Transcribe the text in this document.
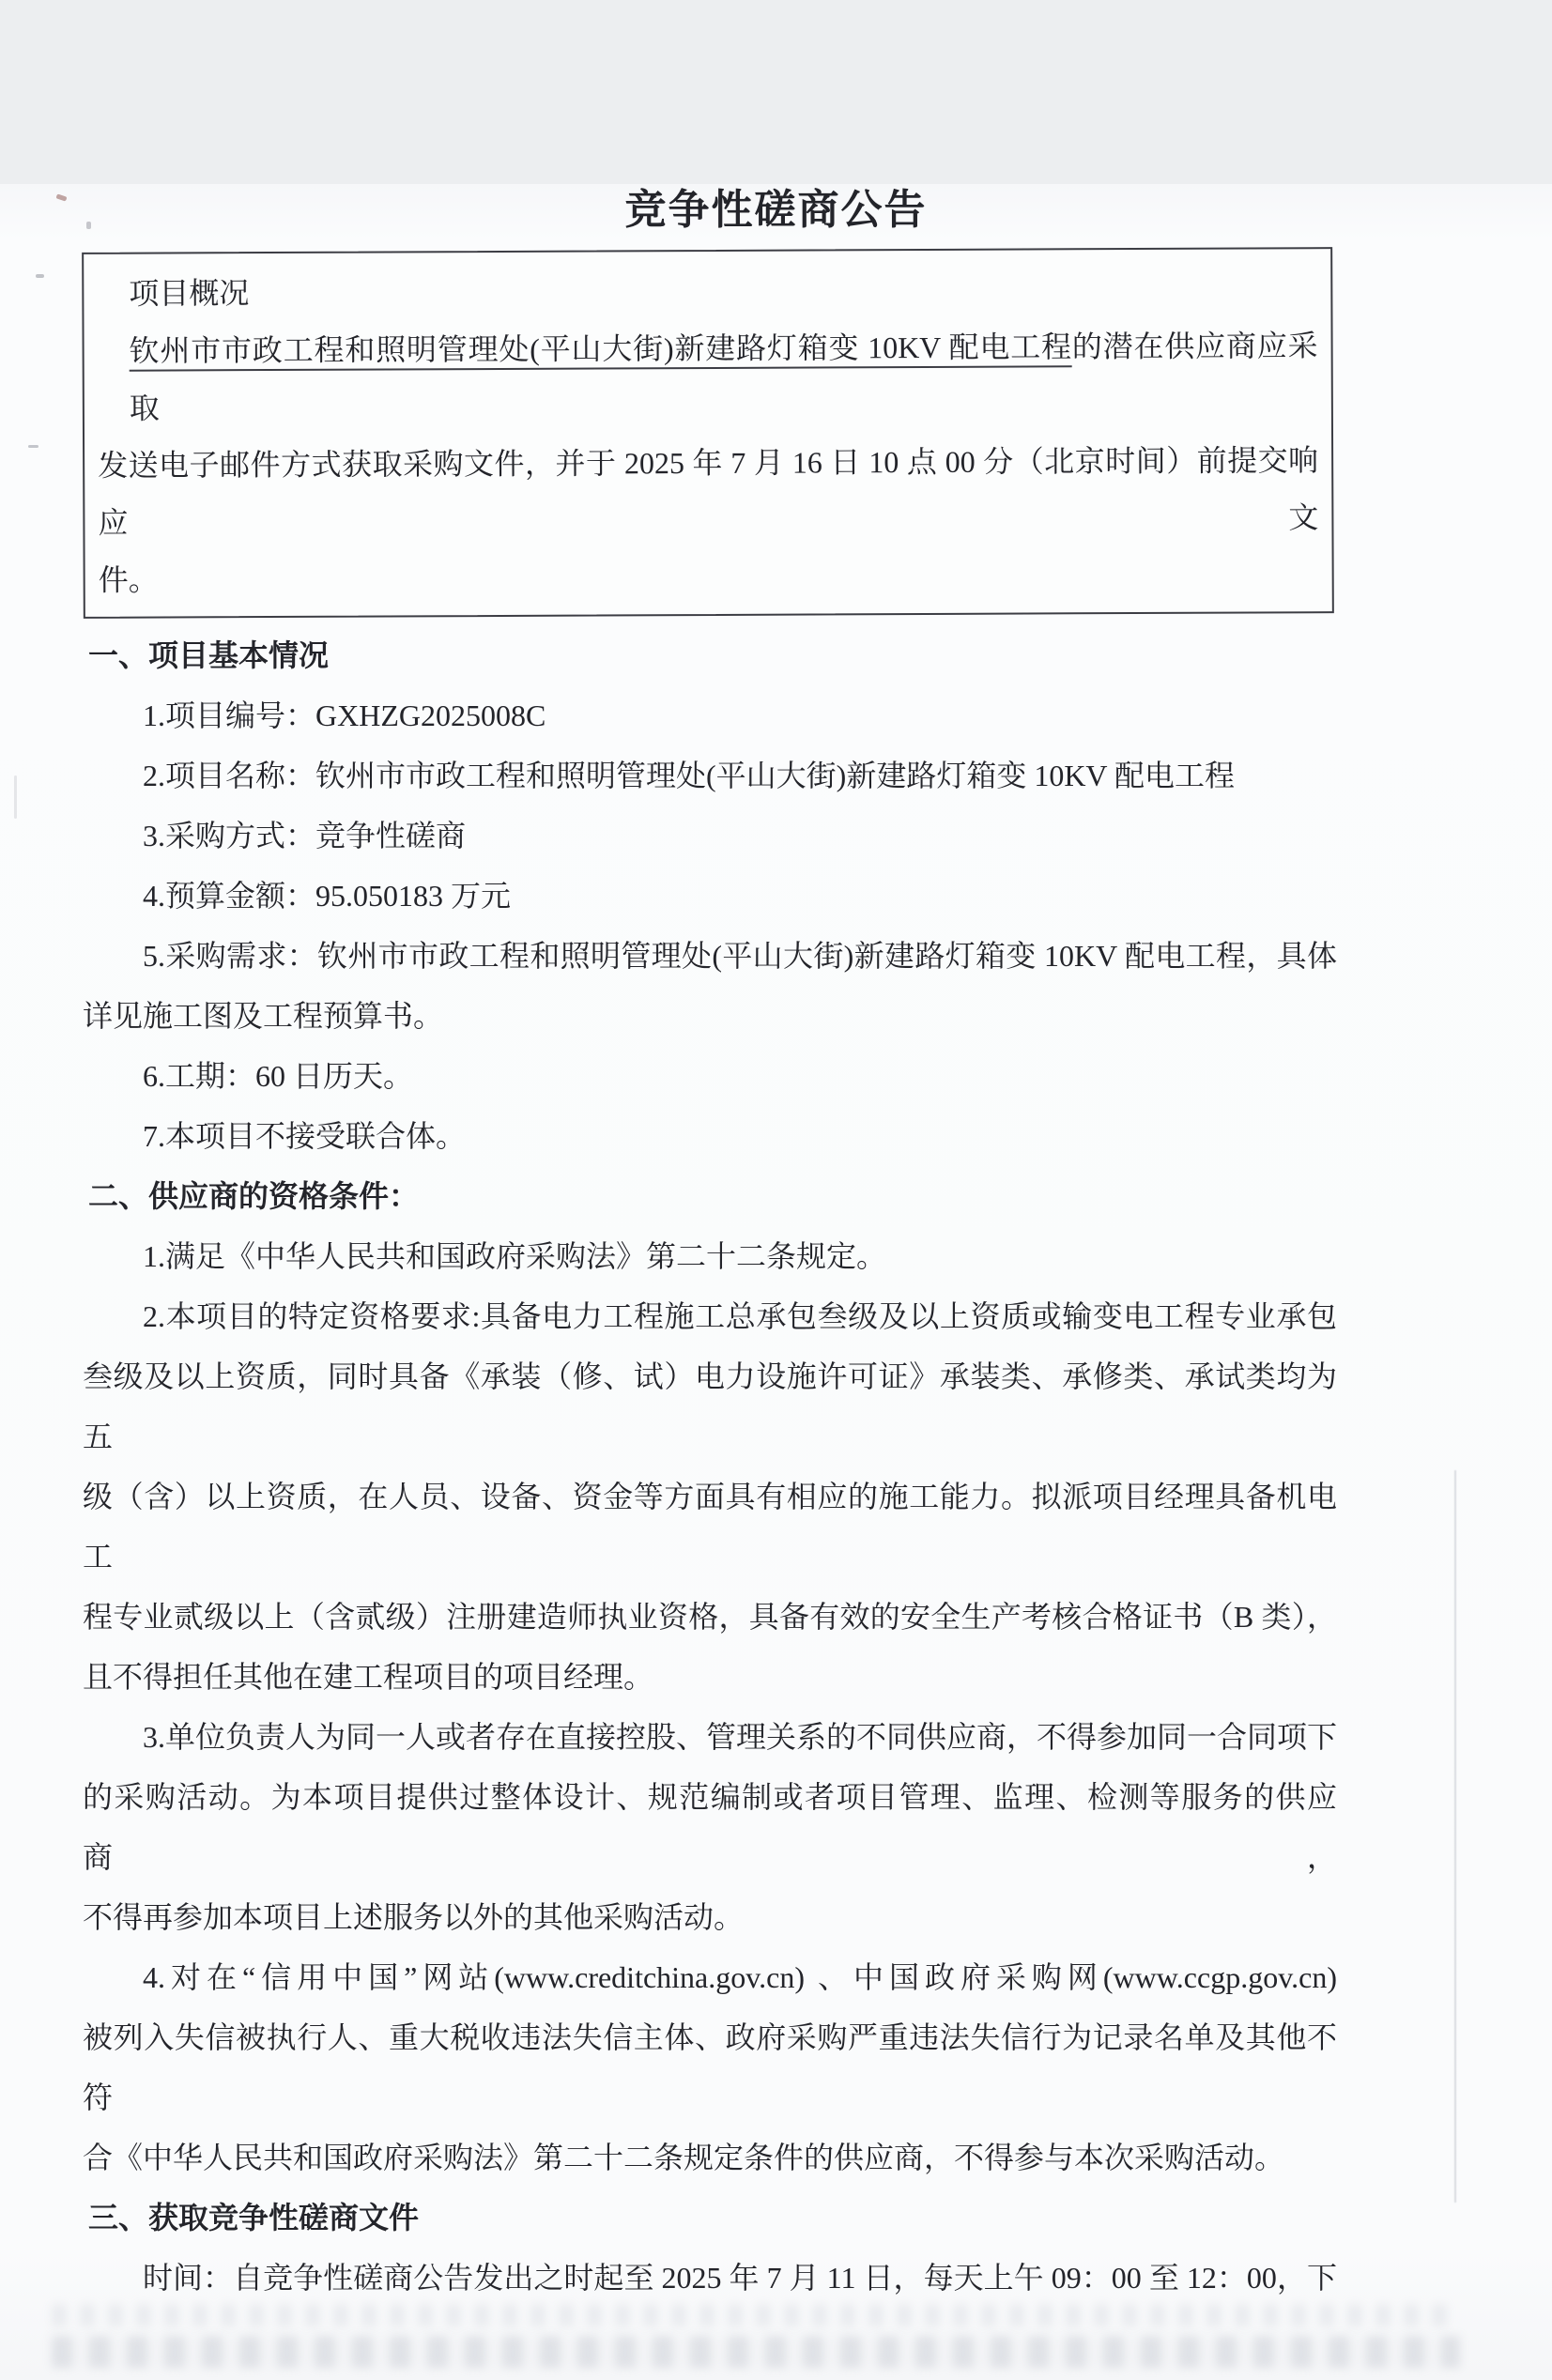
竞争性磋商公告
项目概况
钦州市市政工程和照明管理处(平山大街)新建路灯箱变 10KV 配电工程的潜在供应商应采取
发送电子邮件方式获取采购文件，并于 2025 年 7 月 16 日 10 点 00 分（北京时间）前提交响应文
件。
一、项目基本情况
1.项目编号：GXHZG2025008C
2.项目名称：钦州市市政工程和照明管理处(平山大街)新建路灯箱变 10KV 配电工程
3.采购方式：竞争性磋商
4.预算金额：95.050183 万元
5.采购需求：钦州市市政工程和照明管理处(平山大街)新建路灯箱变 10KV 配电工程，具体
详见施工图及工程预算书。
6.工期：60 日历天。
7.本项目不接受联合体。
二、供应商的资格条件：
1.满足《中华人民共和国政府采购法》第二十二条规定。
2.本项目的特定资格要求:具备电力工程施工总承包叁级及以上资质或输变电工程专业承包
叁级及以上资质，同时具备《承装（修、试）电力设施许可证》承装类、承修类、承试类均为五
级（含）以上资质，在人员、设备、资金等方面具有相应的施工能力。拟派项目经理具备机电工
程专业贰级以上（含贰级）注册建造师执业资格，具备有效的安全生产考核合格证书（B 类），
且不得担任其他在建工程项目的项目经理。
3.单位负责人为同一人或者存在直接控股、管理关系的不同供应商，不得参加同一合同项下
的采购活动。为本项目提供过整体设计、规范编制或者项目管理、监理、检测等服务的供应商，
不得再参加本项目上述服务以外的其他采购活动。
4.对在“信用中国”网站(www.creditchina.gov.cn) 、中国政府采购网(www.ccgp.gov.cn)
被列入失信被执行人、重大税收违法失信主体、政府采购严重违法失信行为记录名单及其他不符
合《中华人民共和国政府采购法》第二十二条规定条件的供应商，不得参与本次采购活动。
三、获取竞争性磋商文件
时间：自竞争性磋商公告发出之时起至 2025 年 7 月 11 日，每天上午 09：00 至 12：00，下
